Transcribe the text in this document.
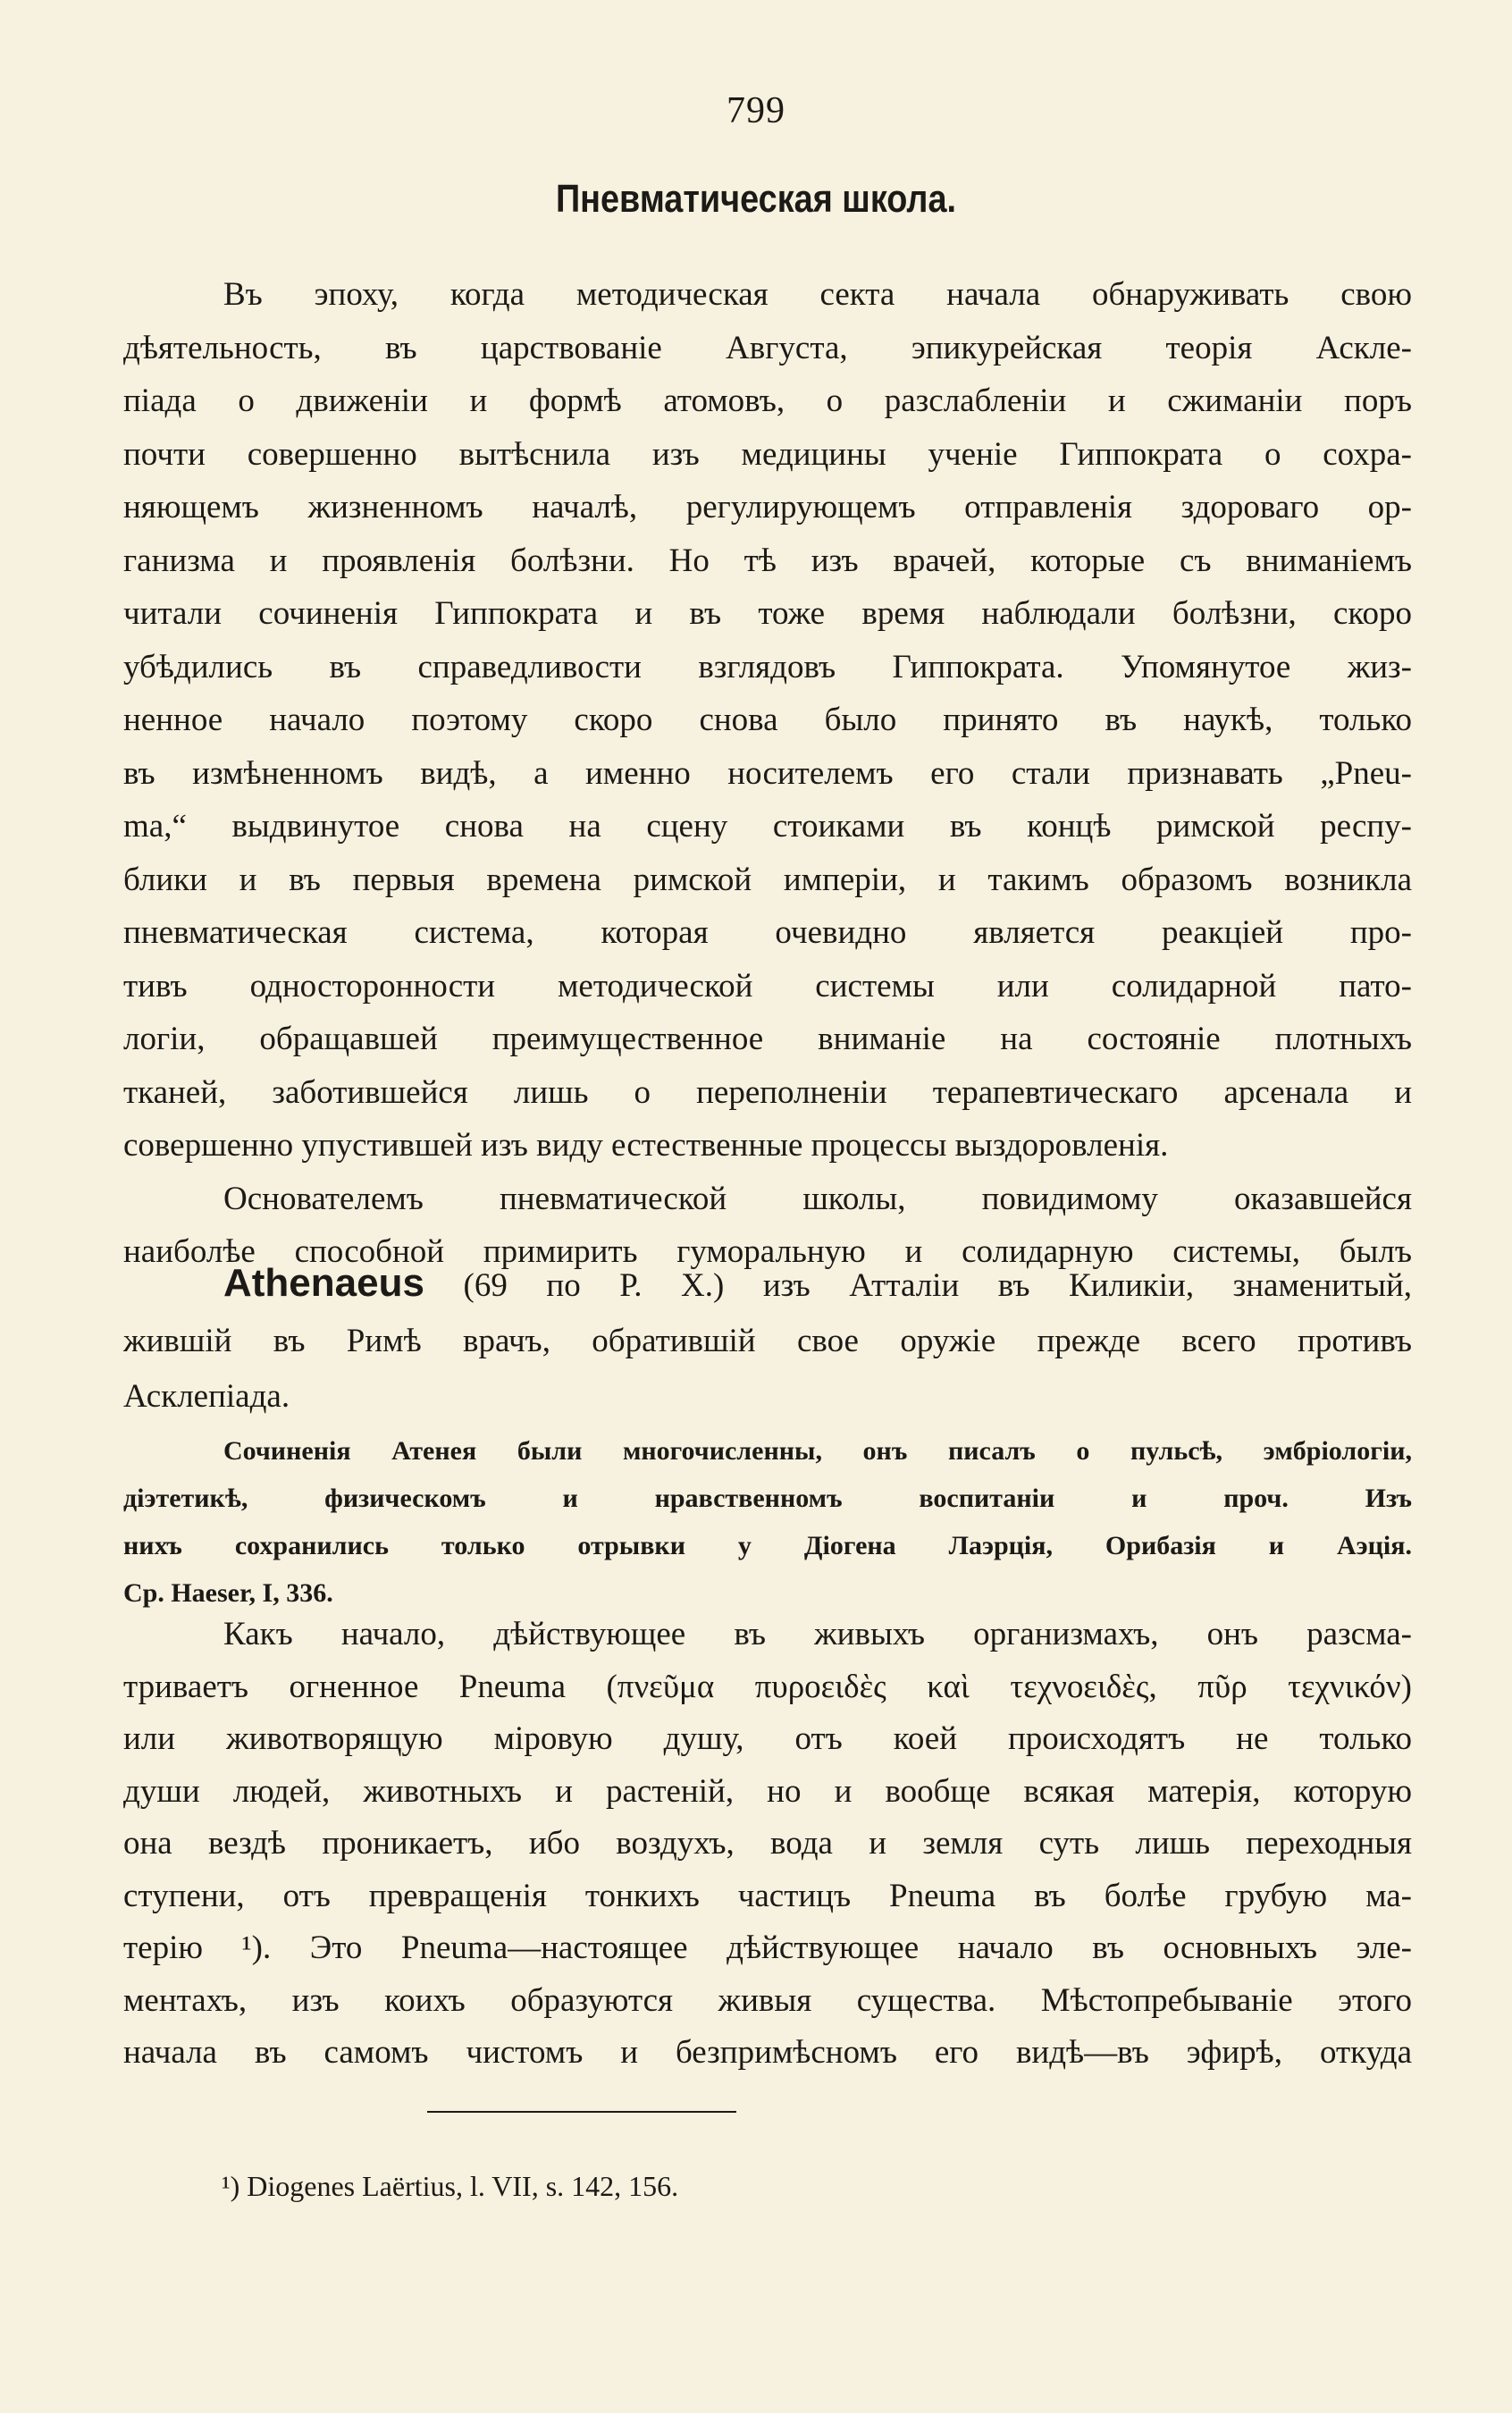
799
Пневматическая школа.
Въ эпоху, когда методическая секта начала обнаруживать свою
дѣятельность, въ царствованіе Августа, эпикурейская теорія Аскле-
піада о движеніи и формѣ атомовъ, о разслабленіи и сжиманіи поръ
почти совершенно вытѣснила изъ медицины ученіе Гиппократа о сохра-
няющемъ жизненномъ началѣ, регулирующемъ отправленія здороваго ор-
ганизма и проявленія болѣзни. Но тѣ изъ врачей, которые съ вниманіемъ
читали сочиненія Гиппократа и въ тоже время наблюдали болѣзни, скоро
убѣдились въ справедливости взглядовъ Гиппократа. Упомянутое жиз-
ненное начало поэтому скоро снова было принято въ наукѣ, только
въ измѣненномъ видѣ, а именно носителемъ его стали признавать „Pneu-
ma,“ выдвинутое снова на сцену стоиками въ концѣ римской респу-
блики и въ первыя времена римской имперіи, и такимъ образомъ возникла
пневматическая система, которая очевидно является реакціей про-
тивъ односторонности методической системы или солидарной пато-
логіи, обращавшей преимущественное вниманіе на состояніе плотныхъ
тканей, заботившейся лишь о переполненіи терапевтическаго арсенала и
совершенно упустившей изъ виду естественные процессы выздоровленія.
Основателемъ пневматической школы, повидимому оказавшейся
наиболѣе способной примирить гуморальную и солидарную системы, былъ
Athenaeus (69 по Р. X.) изъ Атталіи въ Киликіи, знаменитый,
жившій въ Римѣ врачъ, обратившій свое оружіе прежде всего противъ
Асклепіада.
Сочиненія Атенея были многочисленны, онъ писалъ о пульсѣ, эмбріологіи,
діэтетикѣ, физическомъ и нравственномъ воспитаніи и проч. Изъ
нихъ сохранились только отрывки у Діогена Лаэрція, Орибазія и Аэція.
Ср. Haeser, I, 336.
Какъ начало, дѣйствующее въ живыхъ организмахъ, онъ разсма-
триваетъ огненное Pneuma (πνεῦμα πυροειδὲς καὶ τεχνοειδὲς, πῦρ τεχνικόν)
или животворящую міровую душу, отъ коей происходятъ не только
души людей, животныхъ и растеній, но и вообще всякая матерія, которую
она вездѣ проникаетъ, ибо воздухъ, вода и земля суть лишь переходныя
ступени, отъ превращенія тонкихъ частицъ Pneuma въ болѣе грубую ма-
терію ¹). Это Pneuma—настоящее дѣйствующее начало въ основныхъ эле-
ментахъ, изъ коихъ образуются живыя существа. Мѣстопребываніе этого
начала въ самомъ чистомъ и безпримѣсномъ его видѣ—въ эфирѣ, откуда
¹) Diogenes Laërtius, l. VII, s. 142, 156.
